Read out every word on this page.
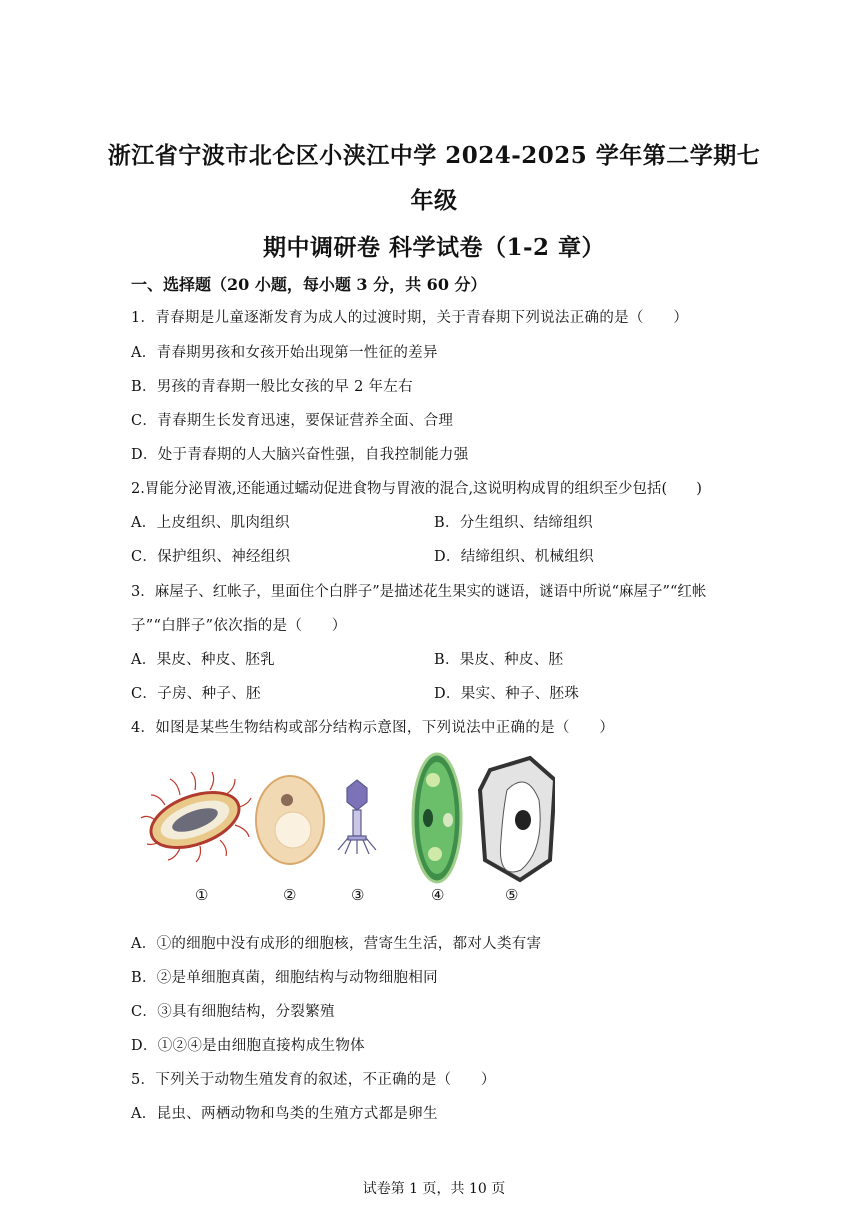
浙江省宁波市北仑区小浃江中学 2024-2025 学年第二学期七
年级
期中调研卷 科学试卷（1-2 章）
一、选择题（20 小题，每小题 3 分，共 60 分）
1．青春期是儿童逐渐发育为成人的过渡时期，关于青春期下列说法正确的是（　　）
A．青春期男孩和女孩开始出现第一性征的差异
B．男孩的青春期一般比女孩的早 2 年左右
C．青春期生长发育迅速，要保证营养全面、合理
D．处于青春期的人大脑兴奋性强，自我控制能力强
2.胃能分泌胃液,还能通过蠕动促进食物与胃液的混合,这说明构成胃的组织至少包括(　　)
A．上皮组织、肌肉组织	B．分生组织、结缔组织
C．保护组织、神经组织	D．结缔组织、机械组织
3．麻屋子、红帐子，里面住个白胖子”是描述花生果实的谜语，谜语中所说“麻屋子”“红帐
子”“白胖子”依次指的是（　　）
A．果皮、种皮、胚乳	B．果皮、种皮、胚
C．子房、种子、胚	D．果实、种子、胚珠
4．如图是某些生物结构或部分结构示意图，下列说法中正确的是（　　）
①	②	③	④	⑤
A．①的细胞中没有成形的细胞核，营寄生生活，都对人类有害
B．②是单细胞真菌，细胞结构与动物细胞相同
C．③具有细胞结构，分裂繁殖
D．①②④是由细胞直接构成生物体
5．下列关于动物生殖发育的叙述，不正确的是（　　）
A．昆虫、两栖动物和鸟类的生殖方式都是卵生
试卷第 1 页，共 10 页
